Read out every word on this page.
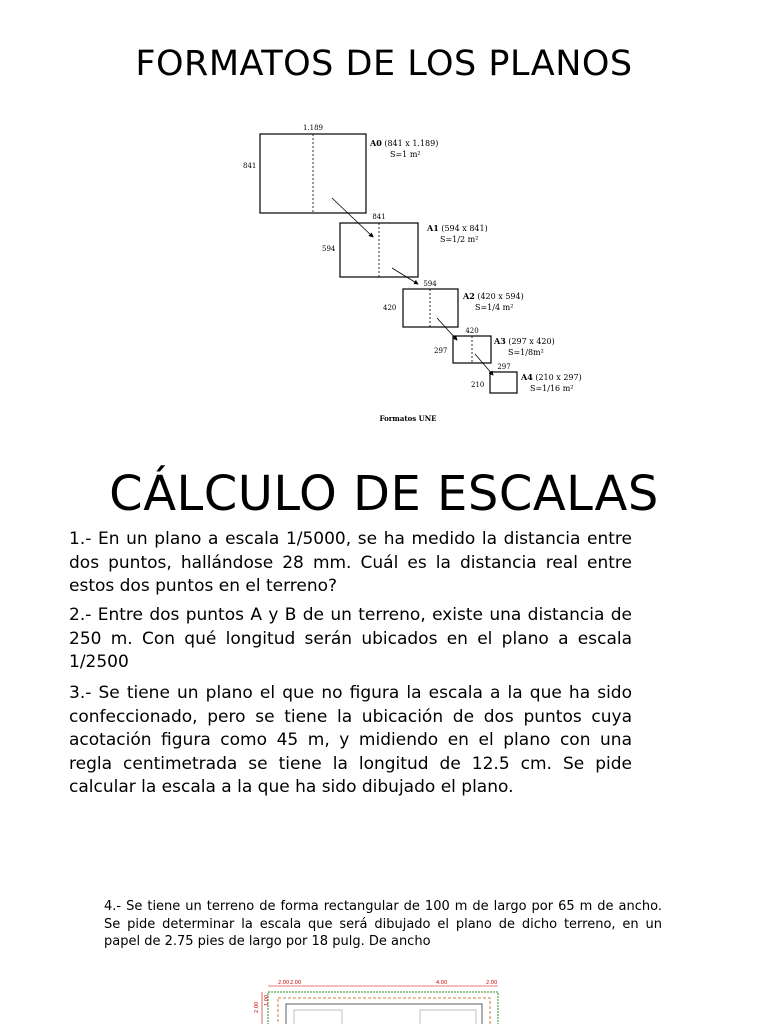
FORMATOS DE LOS PLANOS
1.189
841
A0 (841 x 1.189)
S=1 m²
841
594
A1 (594 x 841)
S=1/2 m²
594
420
A2 (420 x 594)
S=1/4 m²
420
297
A3 (297 x 420)
S=1/8m²
297
210
A4 (210 x 297)
S=1/16 m²
Formatos UNE
CÁLCULO DE ESCALAS
1.- En un plano a escala 1/5000, se ha medido la distancia entre dos puntos, hallándose 28 mm. Cuál es la distancia real entre estos dos puntos en el terreno?
2.- Entre dos puntos A y B de un terreno, existe una distancia de 250 m. Con qué longitud serán ubicados en el plano a escala 1/2500
3.- Se tiene un plano el que no figura la escala a la que ha sido confeccionado, pero se tiene la ubicación de dos puntos cuya acotación figura como 45 m, y midiendo en el plano con una regla centimetrada se tiene la longitud de 12.5 cm. Se pide calcular la escala a la que ha sido dibujado el plano.
4.- Se tiene un terreno de forma rectangular de 100 m de largo por 65 m de ancho. Se pide determinar la escala que será dibujado el plano de dicho terreno, en un papel de 2.75 pies de largo por 18 pulg. De ancho
2.00 2.00	4.00	2.00
2.00
1.00
